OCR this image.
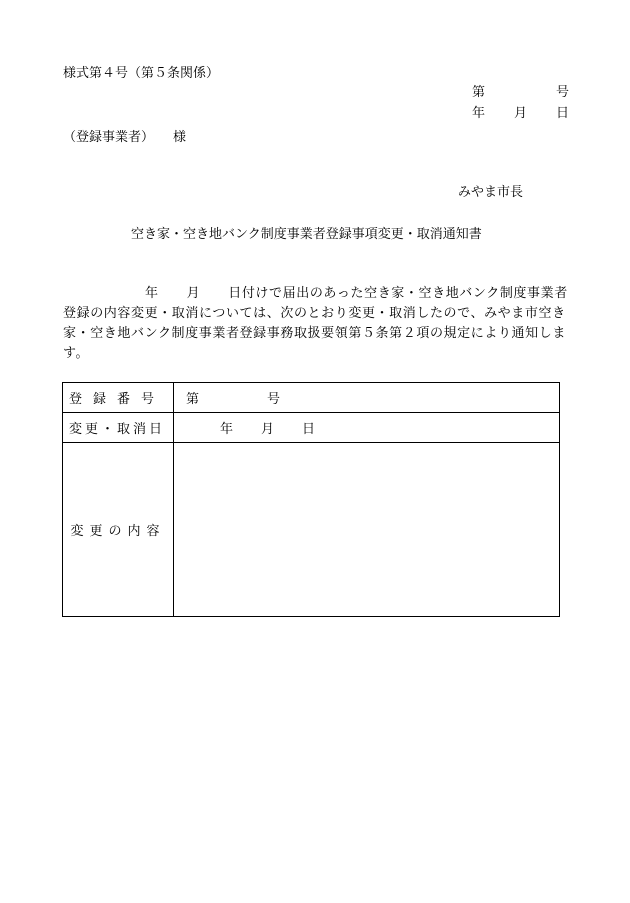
様式第４号（第５条関係）
第	号
年 月 日
（登録事業者） 様
みやま市長
空き家・空き地バンク制度事業者登録事項変更・取消通知書
年 月 日付けで届出のあった空き家・空き地バンク制度事業者
登録の内容変更・取消については、次のとおり変更・取消したので、みやま市空き
家・空き地バンク制度事業者登録事務取扱要領第５条第２項の規定により通知しま
す。
登録番号	第 号
変更・取消日	年 月 日
変更の内容	
